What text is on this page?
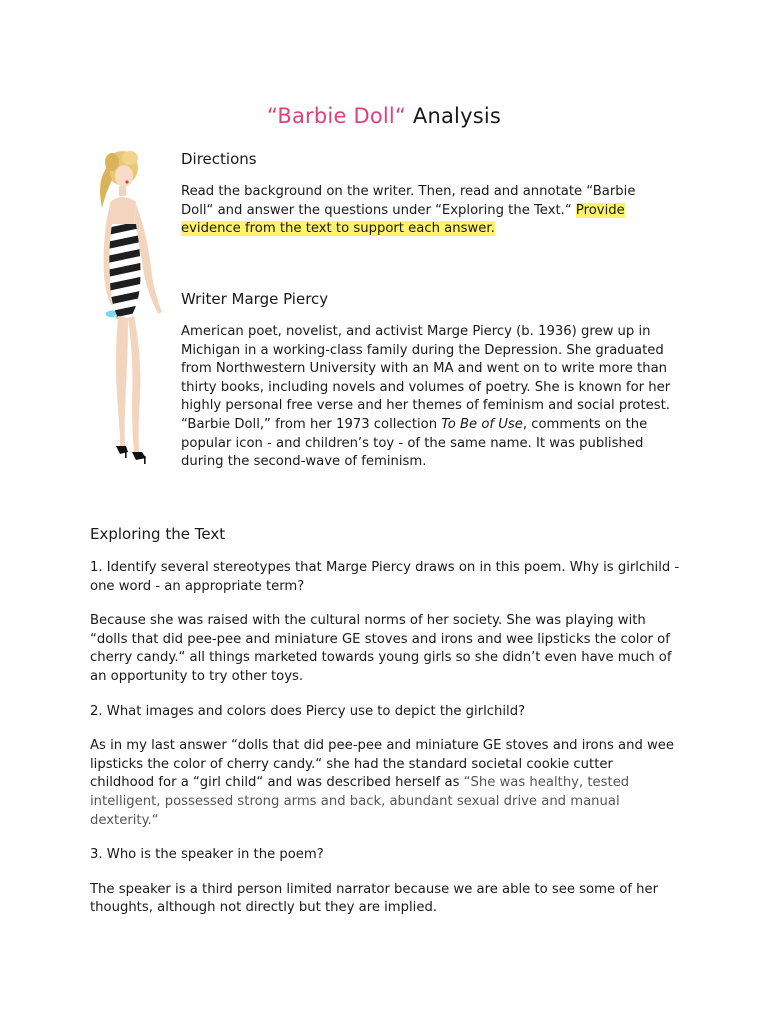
“Barbie Doll“ Analysis
Directions

Read the background on the writer. Then, read and annotate “Barbie Doll“ and answer the questions under “Exploring the Text.“ Provide evidence from the text to support each answer.

Writer Marge Piercy

American poet, novelist, and activist Marge Piercy (b. 1936) grew up in Michigan in a working-class family during the Depression. She graduated from Northwestern University with an MA and went on to write more than thirty books, including novels and volumes of poetry. She is known for her highly personal free verse and her themes of feminism and social protest. “Barbie Doll,” from her 1973 collection To Be of Use, comments on the popular icon - and children’s toy - of the same name. It was published during the second-wave of feminism.

Exploring the Text

1. Identify several stereotypes that Marge Piercy draws on in this poem. Why is girlchild - one word - an appropriate term?

Because she was raised with the cultural norms of her society. She was playing with “dolls that did pee-pee and miniature GE stoves and irons and wee lipsticks the color of cherry candy.“ all things marketed towards young girls so she didn’t even have much of an opportunity to try other toys.

2. What images and colors does Piercy use to depict the girlchild?

As in my last answer “dolls that did pee-pee and miniature GE stoves and irons and wee lipsticks the color of cherry candy.“ she had the standard societal cookie cutter childhood for a “girl child“ and was described herself as “She was healthy, tested intelligent, possessed strong arms and back, abundant sexual drive and manual dexterity.“

3. Who is the speaker in the poem?

The speaker is a third person limited narrator because we are able to see some of her thoughts, although not directly but they are implied.
